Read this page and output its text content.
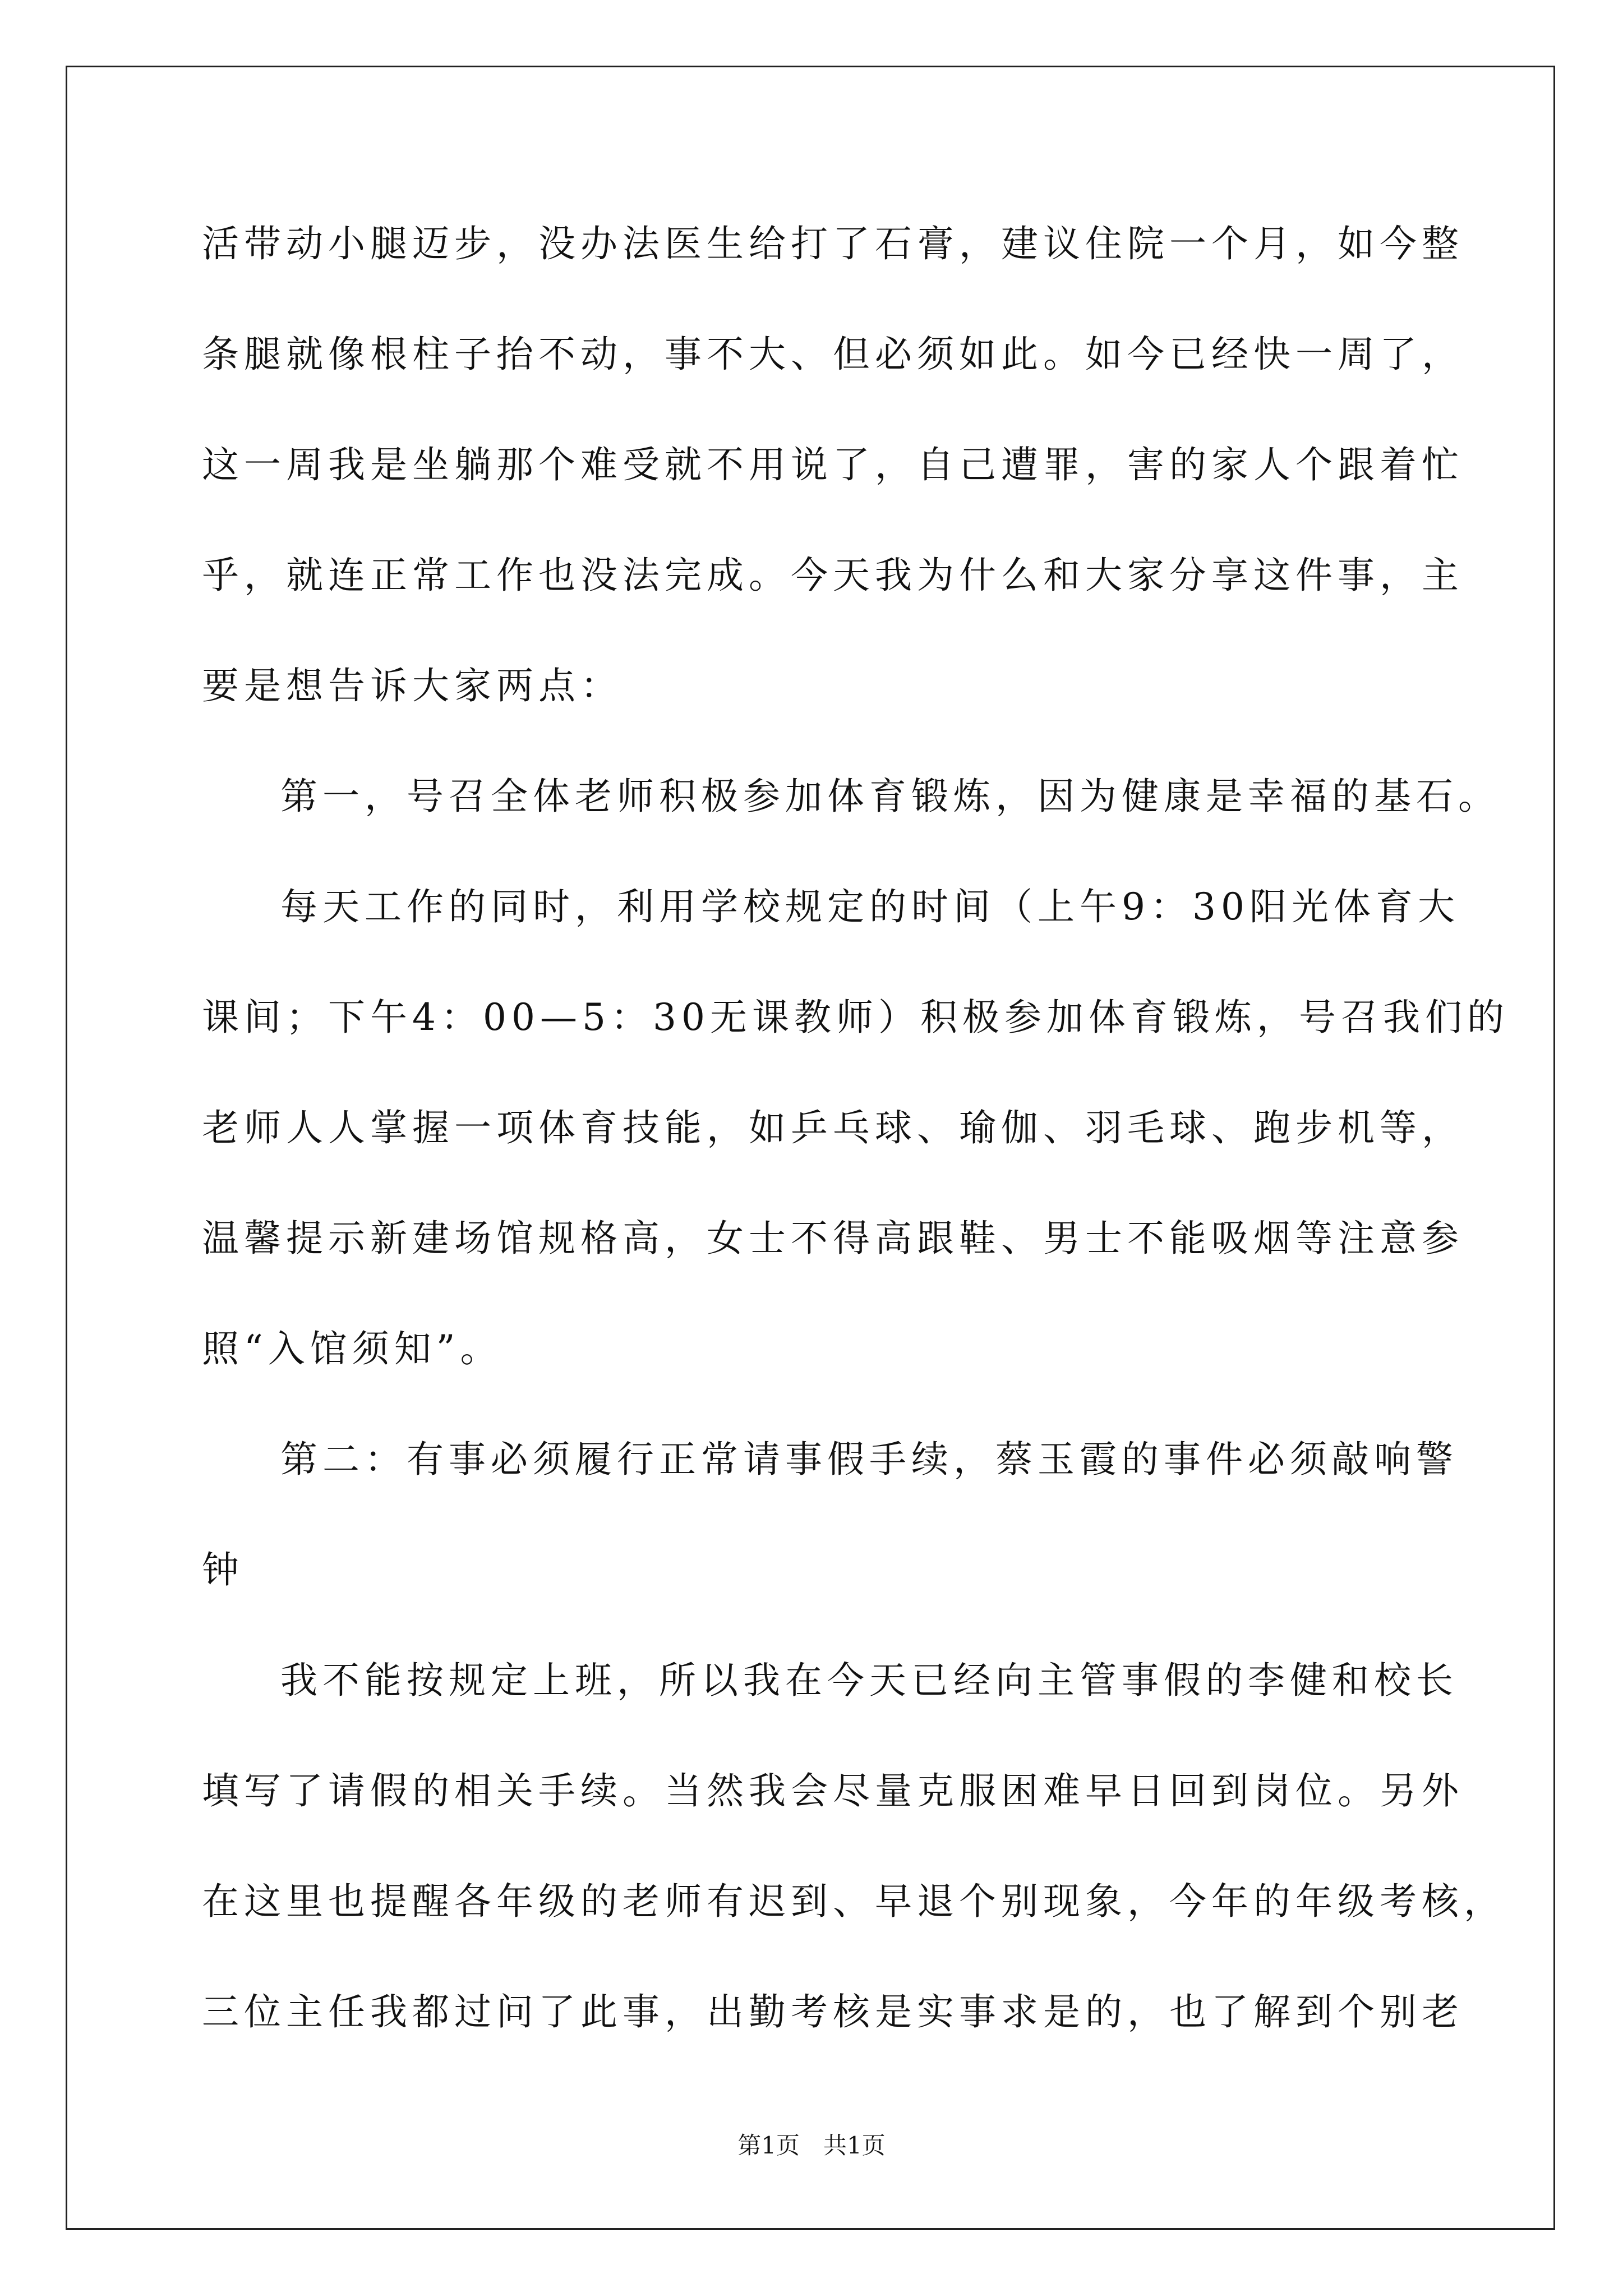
活带动小腿迈步，没办法医生给打了石膏，建议住院一个月，如今整
条腿就像根柱子抬不动，事不大、但必须如此。如今已经快一周了，
这一周我是坐躺那个难受就不用说了，自己遭罪，害的家人个跟着忙
乎，就连正常工作也没法完成。今天我为什么和大家分享这件事，主
要是想告诉大家两点：
第一，号召全体老师积极参加体育锻炼，因为健康是幸福的基石。
每天工作的同时，利用学校规定的时间（上午9：30阳光体育大
课间；下午4：00—5：30无课教师）积极参加体育锻炼，号召我们的
老师人人掌握一项体育技能，如乒乓球、瑜伽、羽毛球、跑步机等，
温馨提示新建场馆规格高，女士不得高跟鞋、男士不能吸烟等注意参
照“入馆须知”。
第二：有事必须履行正常请事假手续，蔡玉霞的事件必须敲响警
钟
我不能按规定上班，所以我在今天已经向主管事假的李健和校长
填写了请假的相关手续。当然我会尽量克服困难早日回到岗位。另外
在这里也提醒各年级的老师有迟到、早退个别现象，今年的年级考核，
三位主任我都过问了此事，出勤考核是实事求是的，也了解到个别老
第1页　共1页
